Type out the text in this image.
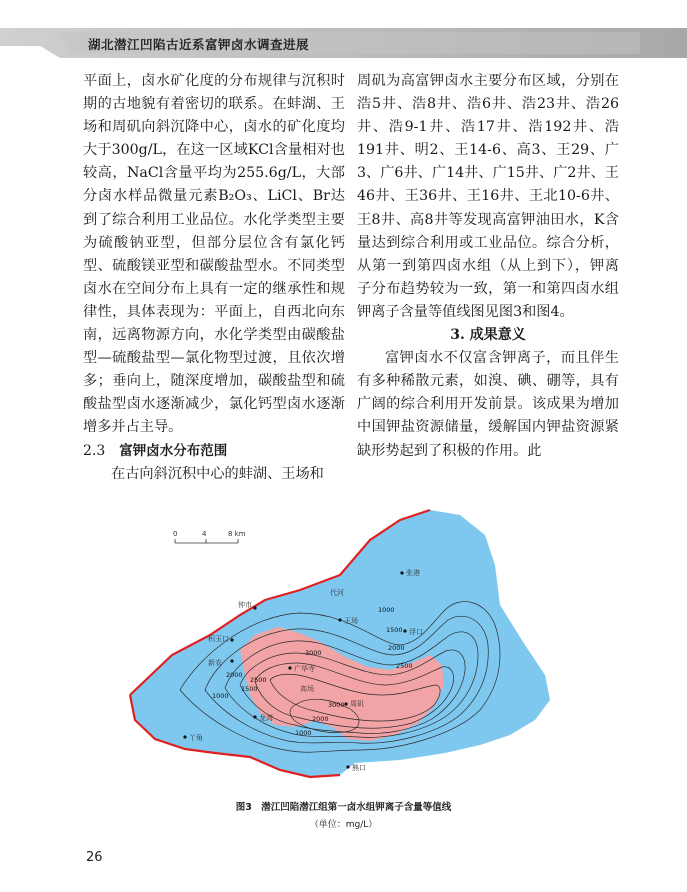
湖北潜江凹陷古近系富钾卤水调查进展

平面上，卤水矿化度的分布规律与沉积时期的古地貌有着密切的联系。在蚌湖、王场和周矶向斜沉降中心，卤水的矿化度均大于300g/L，在这一区域KCl含量相对也较高，NaCl含量平均为255.6g/L，大部分卤水样品微量元素B₂O₃、LiCl、Br达到了综合利用工业品位。水化学类型主要为硫酸钠亚型，但部分层位含有氯化钙型、硫酸镁亚型和碳酸盐型水。不同类型卤水在空间分布上具有一定的继承性和规律性，具体表现为：平面上，自西北向东南，远离物源方向，水化学类型由碳酸盐型—硫酸盐型—氯化物型过渡，且依次增多；垂向上，随深度增加，碳酸盐型和硫酸盐型卤水逐渐减少，氯化钙型卤水逐渐增多并占主导。

2.3 富钾卤水分布范围

在古向斜沉积中心的蚌湖、王场和

周矶为高富钾卤水主要分布区域，分别在浩5井、浩8井、浩6井、浩23井、浩26井、浩9-1井、浩17井、浩192井、浩191井、明2、王14-6、高3、王29、广3、广6井、广14井、广15井、广2井、王46井、王36井、王16井、王北10-6井、王8井、高8井等发现高富钾油田水，K含量达到综合利用或工业品位。综合分析，从第一到第四卤水组（从上到下），钾离子分布趋势较为一致，第一和第四卤水组钾离子含量等值线图见图3和图4。

3. 成果意义

富钾卤水不仅富含钾离子，而且伴生有多种稀散元素，如溴、碘、硼等，具有广阔的综合利用开发前景。该成果为增加中国钾盐资源储量，缓解国内钾盐资源紧缺形势起到了积极的作用。此

0	4	8 km
张港
代河
钟市
王场
浮口
积玉口
新农
广华寺
高场
周矶
龙湾
熊口
丫角
1000
1500
2000
2500
3000
3000
2500
2000
1500
1000
2000
1000
图3　潜江凹陷潜江组第一卤水组钾离子含量等值线
（单位：mg/L）
26
